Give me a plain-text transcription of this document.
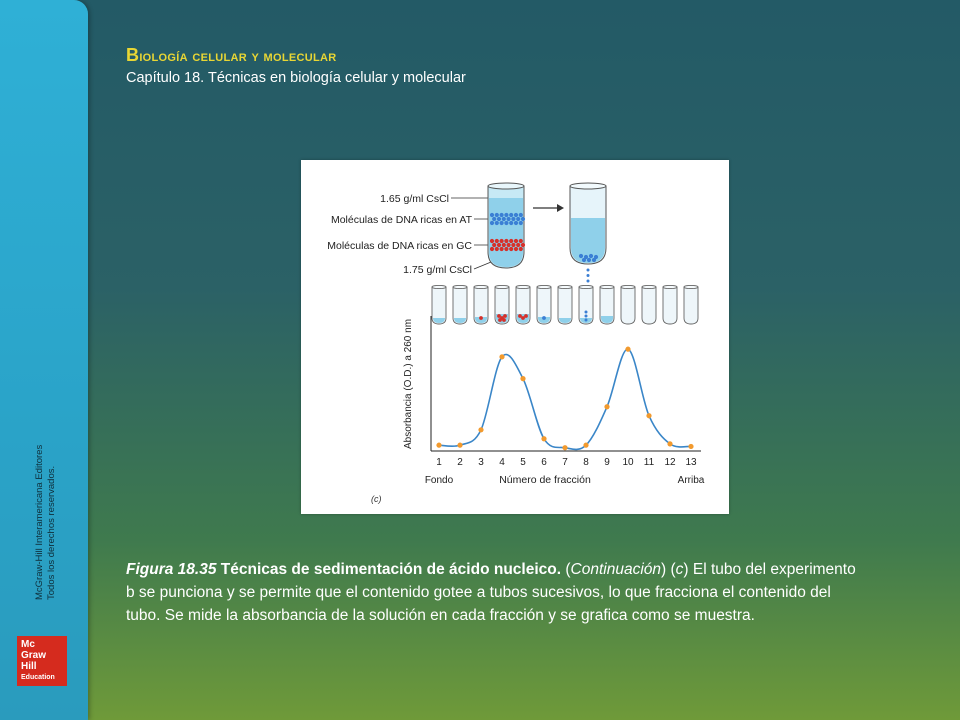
McGraw-Hill Interamericana Editores Todos los derechos reservados.
Mc
Graw
Hill
Education
Biología celular y molecular
Capítulo 18. Técnicas en biología celular y molecular
1.65 g/ml CsCl
Moléculas de DNA ricas en AT
Moléculas de DNA ricas en GC
1.75 g/ml CsCl
Absorbancia (O.D.) a 260 nm
1 2 3 4 5 6 7 8 9 10 11 12 13
Fondo	Número de fracción	Arriba
(c)
Figura 18.35 Técnicas de sedimentación de ácido nucleico. (Continuación) (c) El tubo del experimento b se punciona y se permite que el contenido gotee a tubos sucesivos, lo que fracciona el contenido del tubo. Se mide la absorbancia de la solución en cada fracción y se grafica como se muestra.
